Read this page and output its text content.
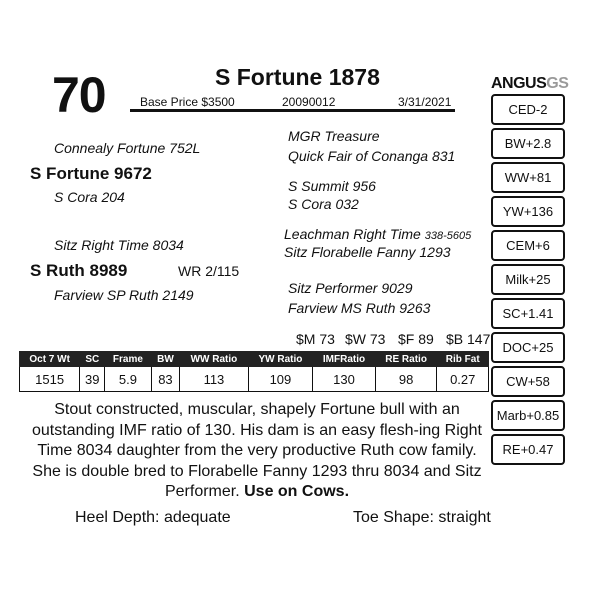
70	S Fortune 1878
Base Price $3500	20090012	3/31/2021
ANGUSGS
CED-2
BW+2.8
WW+81
YW+136
CEM+6
Milk+25
SC+1.41
DOC+25
CW+58
Marb+0.85
RE+0.47
Connealy Fortune 752L
S Fortune 9672
S Cora 204
MGR Treasure
Quick Fair of Conanga 831
S Summit 956
S Cora 032
Sitz Right Time 8034
S Ruth 8989	WR 2/115
Farview SP Ruth 2149
Leachman Right Time 338-5605
Sitz Florabelle Fanny 1293
Sitz Performer 9029
Farview MS Ruth 9263
$M 73 $W 73 $F 89 $B 147
Oct 7 Wt	SC	Frame	BW	WW Ratio	YW Ratio	IMFRatio	RE Ratio	Rib Fat
1515	39	5.9	83	113	109	130	98	0.27
Stout constructed, muscular, shapely Fortune bull with an outstanding IMF ratio of 130. His dam is an easy flesh-ing Right Time 8034 daughter from the very productive Ruth cow family. She is double bred to Florabelle Fanny 1293 thru 8034 and Sitz Performer. Use on Cows.
Heel Depth: adequate	Toe Shape: straight
